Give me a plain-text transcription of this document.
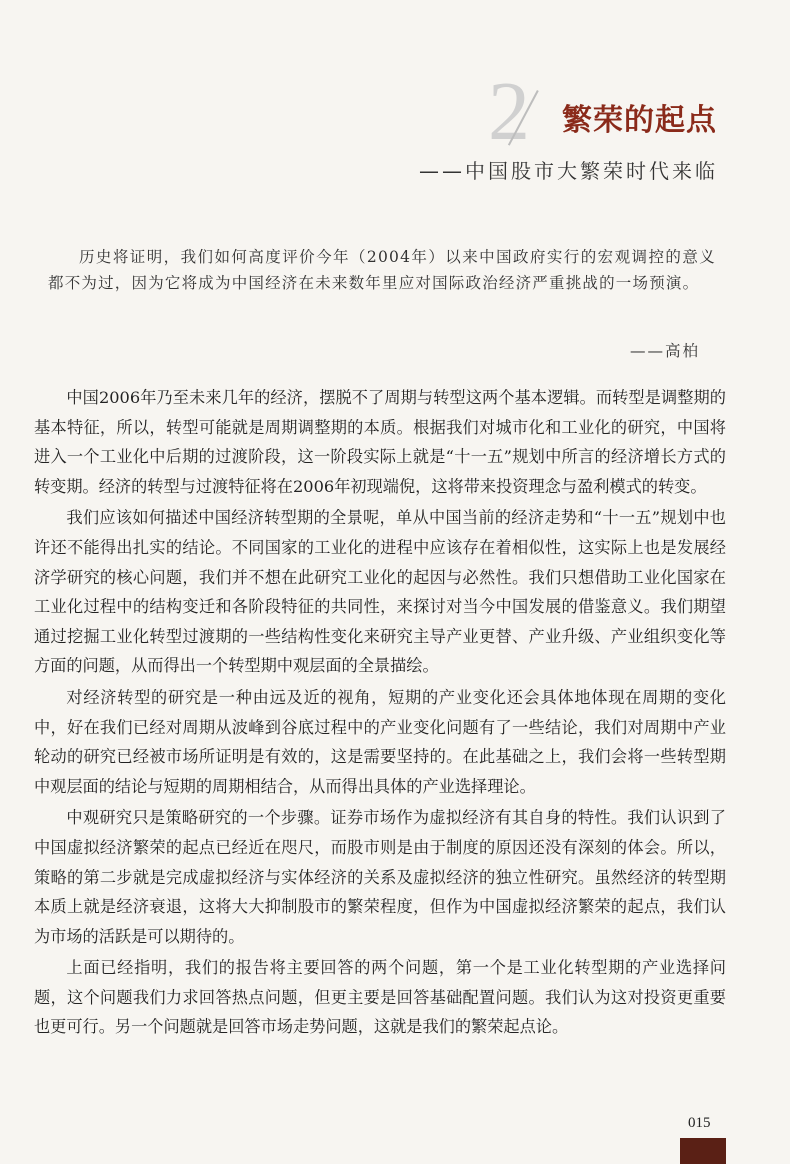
2 繁荣的起点
——中国股市大繁荣时代来临

历史将证明，我们如何高度评价今年（2004年）以来中国政府实行的宏观调控的意义都不为过，因为它将成为中国经济在未来数年里应对国际政治经济严重挑战的一场预演。

——高柏

中国2006年乃至未来几年的经济，摆脱不了周期与转型这两个基本逻辑。而转型是调整期的基本特征，所以，转型可能就是周期调整期的本质。根据我们对城市化和工业化的研究，中国将进入一个工业化中后期的过渡阶段，这一阶段实际上就是“十一五”规划中所言的经济增长方式的转变期。经济的转型与过渡特征将在2006年初现端倪，这将带来投资理念与盈利模式的转变。

我们应该如何描述中国经济转型期的全景呢，单从中国当前的经济走势和“十一五”规划中也许还不能得出扎实的结论。不同国家的工业化的进程中应该存在着相似性，这实际上也是发展经济学研究的核心问题，我们并不想在此研究工业化的起因与必然性。我们只想借助工业化国家在工业化过程中的结构变迁和各阶段特征的共同性，来探讨对当今中国发展的借鉴意义。我们期望通过挖掘工业化转型过渡期的一些结构性变化来研究主导产业更替、产业升级、产业组织变化等方面的问题，从而得出一个转型期中观层面的全景描绘。

对经济转型的研究是一种由远及近的视角，短期的产业变化还会具体地体现在周期的变化中，好在我们已经对周期从波峰到谷底过程中的产业变化问题有了一些结论，我们对周期中产业轮动的研究已经被市场所证明是有效的，这是需要坚持的。在此基础之上，我们会将一些转型期中观层面的结论与短期的周期相结合，从而得出具体的产业选择理论。

中观研究只是策略研究的一个步骤。证券市场作为虚拟经济有其自身的特性。我们认识到了中国虚拟经济繁荣的起点已经近在咫尺，而股市则是由于制度的原因还没有深刻的体会。所以，策略的第二步就是完成虚拟经济与实体经济的关系及虚拟经济的独立性研究。虽然经济的转型期本质上就是经济衰退，这将大大抑制股市的繁荣程度，但作为中国虚拟经济繁荣的起点，我们认为市场的活跃是可以期待的。

上面已经指明，我们的报告将主要回答的两个问题，第一个是工业化转型期的产业选择问题，这个问题我们力求回答热点问题，但更主要是回答基础配置问题。我们认为这对投资更重要也更可行。另一个问题就是回答市场走势问题，这就是我们的繁荣起点论。

015
